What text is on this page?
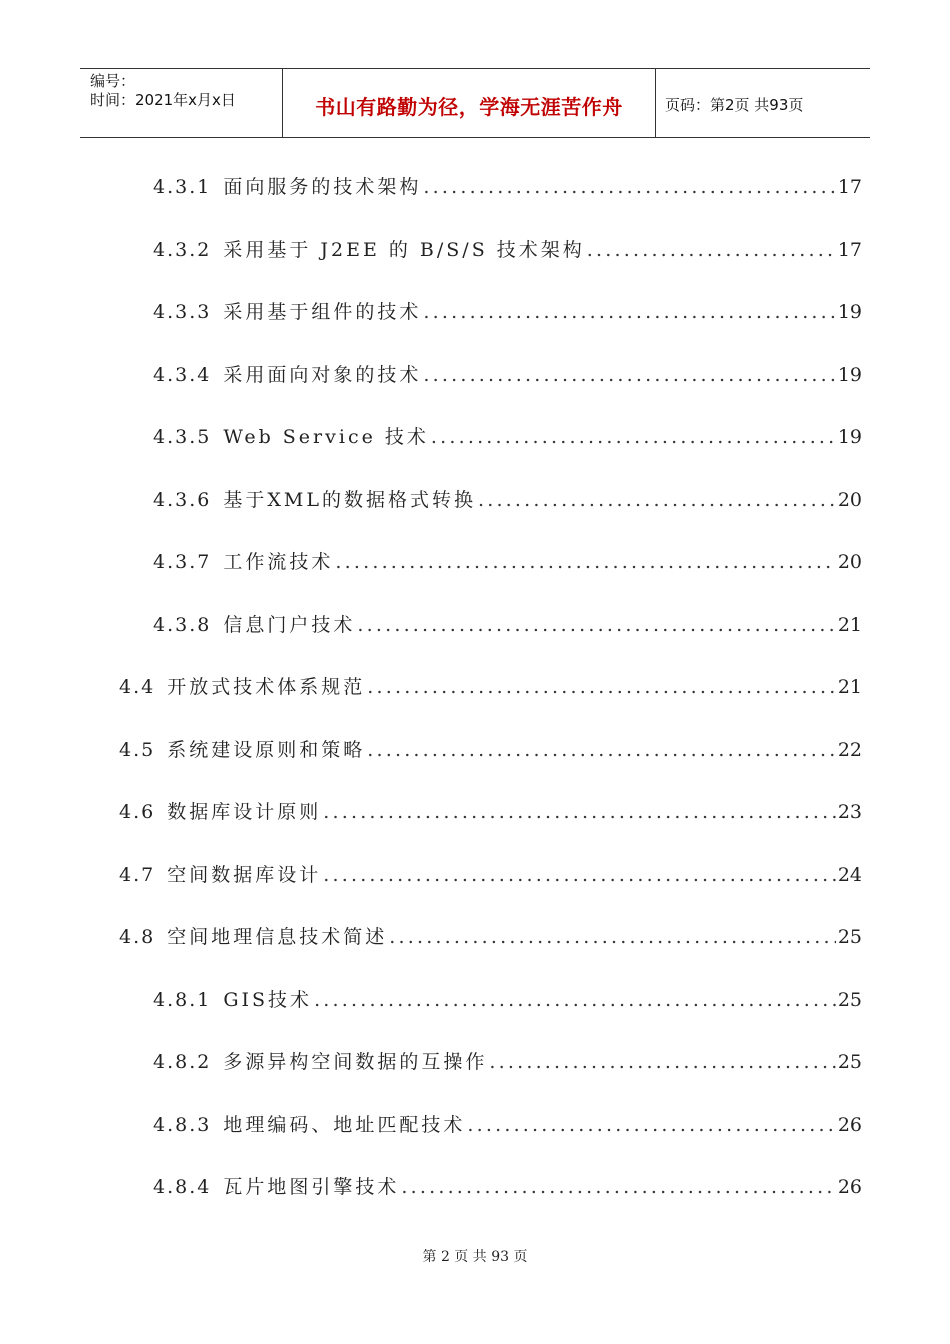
编号：
时间：2021年x月x日	书山有路勤为径，学海无涯苦作舟	页码：第2页 共93页
4.3.1 面向服务的技术架构 .....	17
4.3.2 采用基于 J2EE 的 B/S/S 技术架构 .....	17
4.3.3 采用基于组件的技术 .....	19
4.3.4 采用面向对象的技术 .....	19
4.3.5 Web Service 技术 .....	19
4.3.6 基于XML的数据格式转换 .....	20
4.3.7 工作流技术 .....	20
4.3.8 信息门户技术 .....	21
4.4 开放式技术体系规范 .....	21
4.5 系统建设原则和策略 .....	22
4.6 数据库设计原则 .....	23
4.7 空间数据库设计 .....	24
4.8 空间地理信息技术简述 .....	25
4.8.1 GIS技术 .....	25
4.8.2 多源异构空间数据的互操作 .....	25
4.8.3 地理编码、地址匹配技术 .....	26
4.8.4 瓦片地图引擎技术 .....	26
第 2 页 共 93 页
